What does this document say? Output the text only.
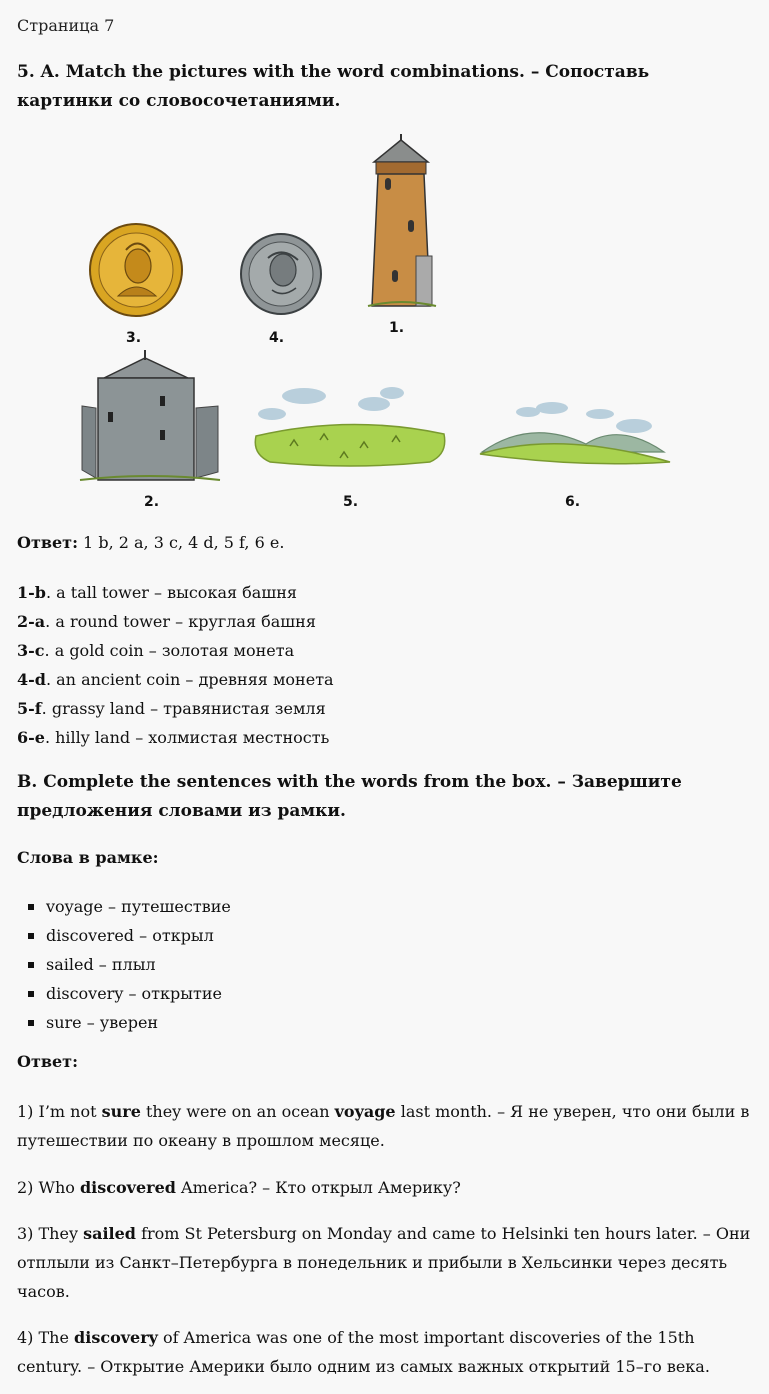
Страница 7
5. A. Match the pictures with the word combinations. – Сопоставь картинки со словосочетаниями.
3.	4.
1.
2.	5.	6.
Ответ: 1 b, 2 a, 3 c, 4 d, 5 f, 6 e.
1-b. a tall tower – высокая башня
2-a. a round tower – круглая башня
3-c. a gold coin – золотая монета
4-d. an ancient coin – древняя монета
5-f. grassy land – травянистая земля
6-e. hilly land – холмистая местность
B. Complete the sentences with the words from the box. – Завершите предложения словами из рамки.
Слова в рамке:
voyage – путешествие
discovered – открыл
sailed – плыл
discovery – открытие
sure – уверен
Ответ:
1) I’m not sure they were on an ocean voyage last month. – Я не уверен, что они были в путешествии по океану в прошлом месяце.
2) Who discovered America? – Кто открыл Америку?
3) They sailed from St Petersburg on Monday and came to Helsinki ten hours later. – Они отплыли из Санкт–Петербурга в понедельник и прибыли в Хельсинки через десять часов.
4) The discovery of America was one of the most important discoveries of the 15th century. – Открытие Америки было одним из самых важных открытий 15–го века.
